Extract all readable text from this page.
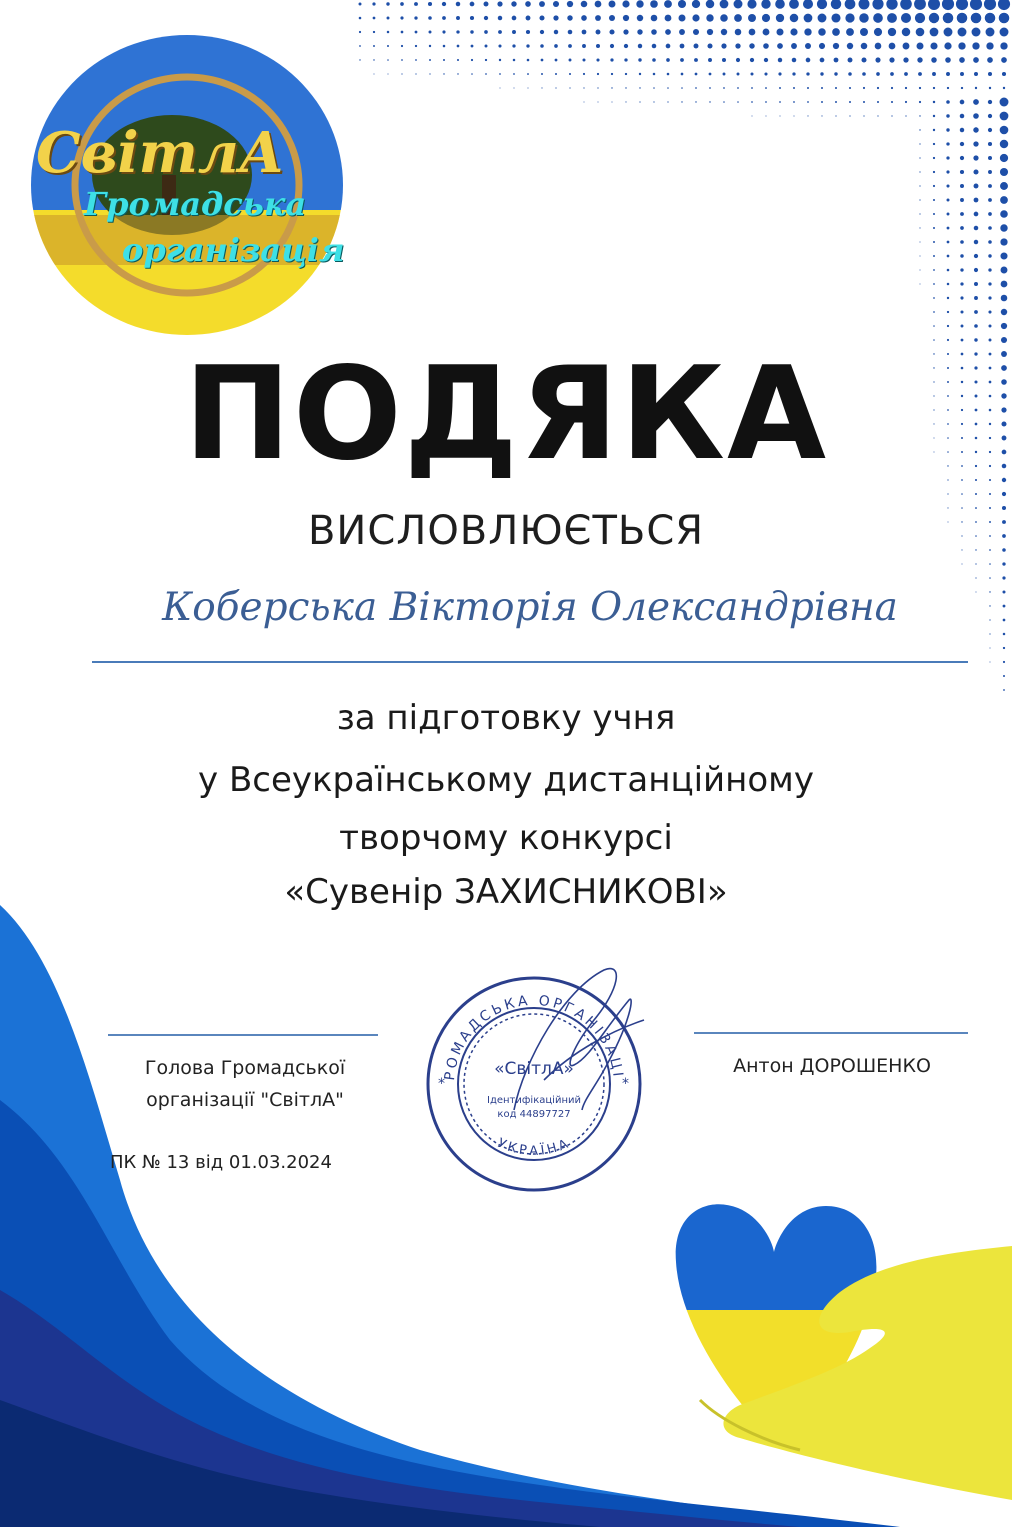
СвітлА
Громадська
організація
ПОДЯКА
ВИСЛОВЛЮЄТЬСЯ
Коберська Вікторія Олександрівна
за підготовку учня
у Всеукраїнському дистанційному
творчому конкурсі
«Сувенір ЗАХИСНИКОВІ»
Голова Громадської
організації "СвітлА"
ПК № 13 від 01.03.2024
Антон ДОРОШЕНКО
РОМАДСЬКА ОРГАНІЗАЦІ
УКРАЇНА
«СвітлА»
Ідентифікаційний
код 44897727
*	*
